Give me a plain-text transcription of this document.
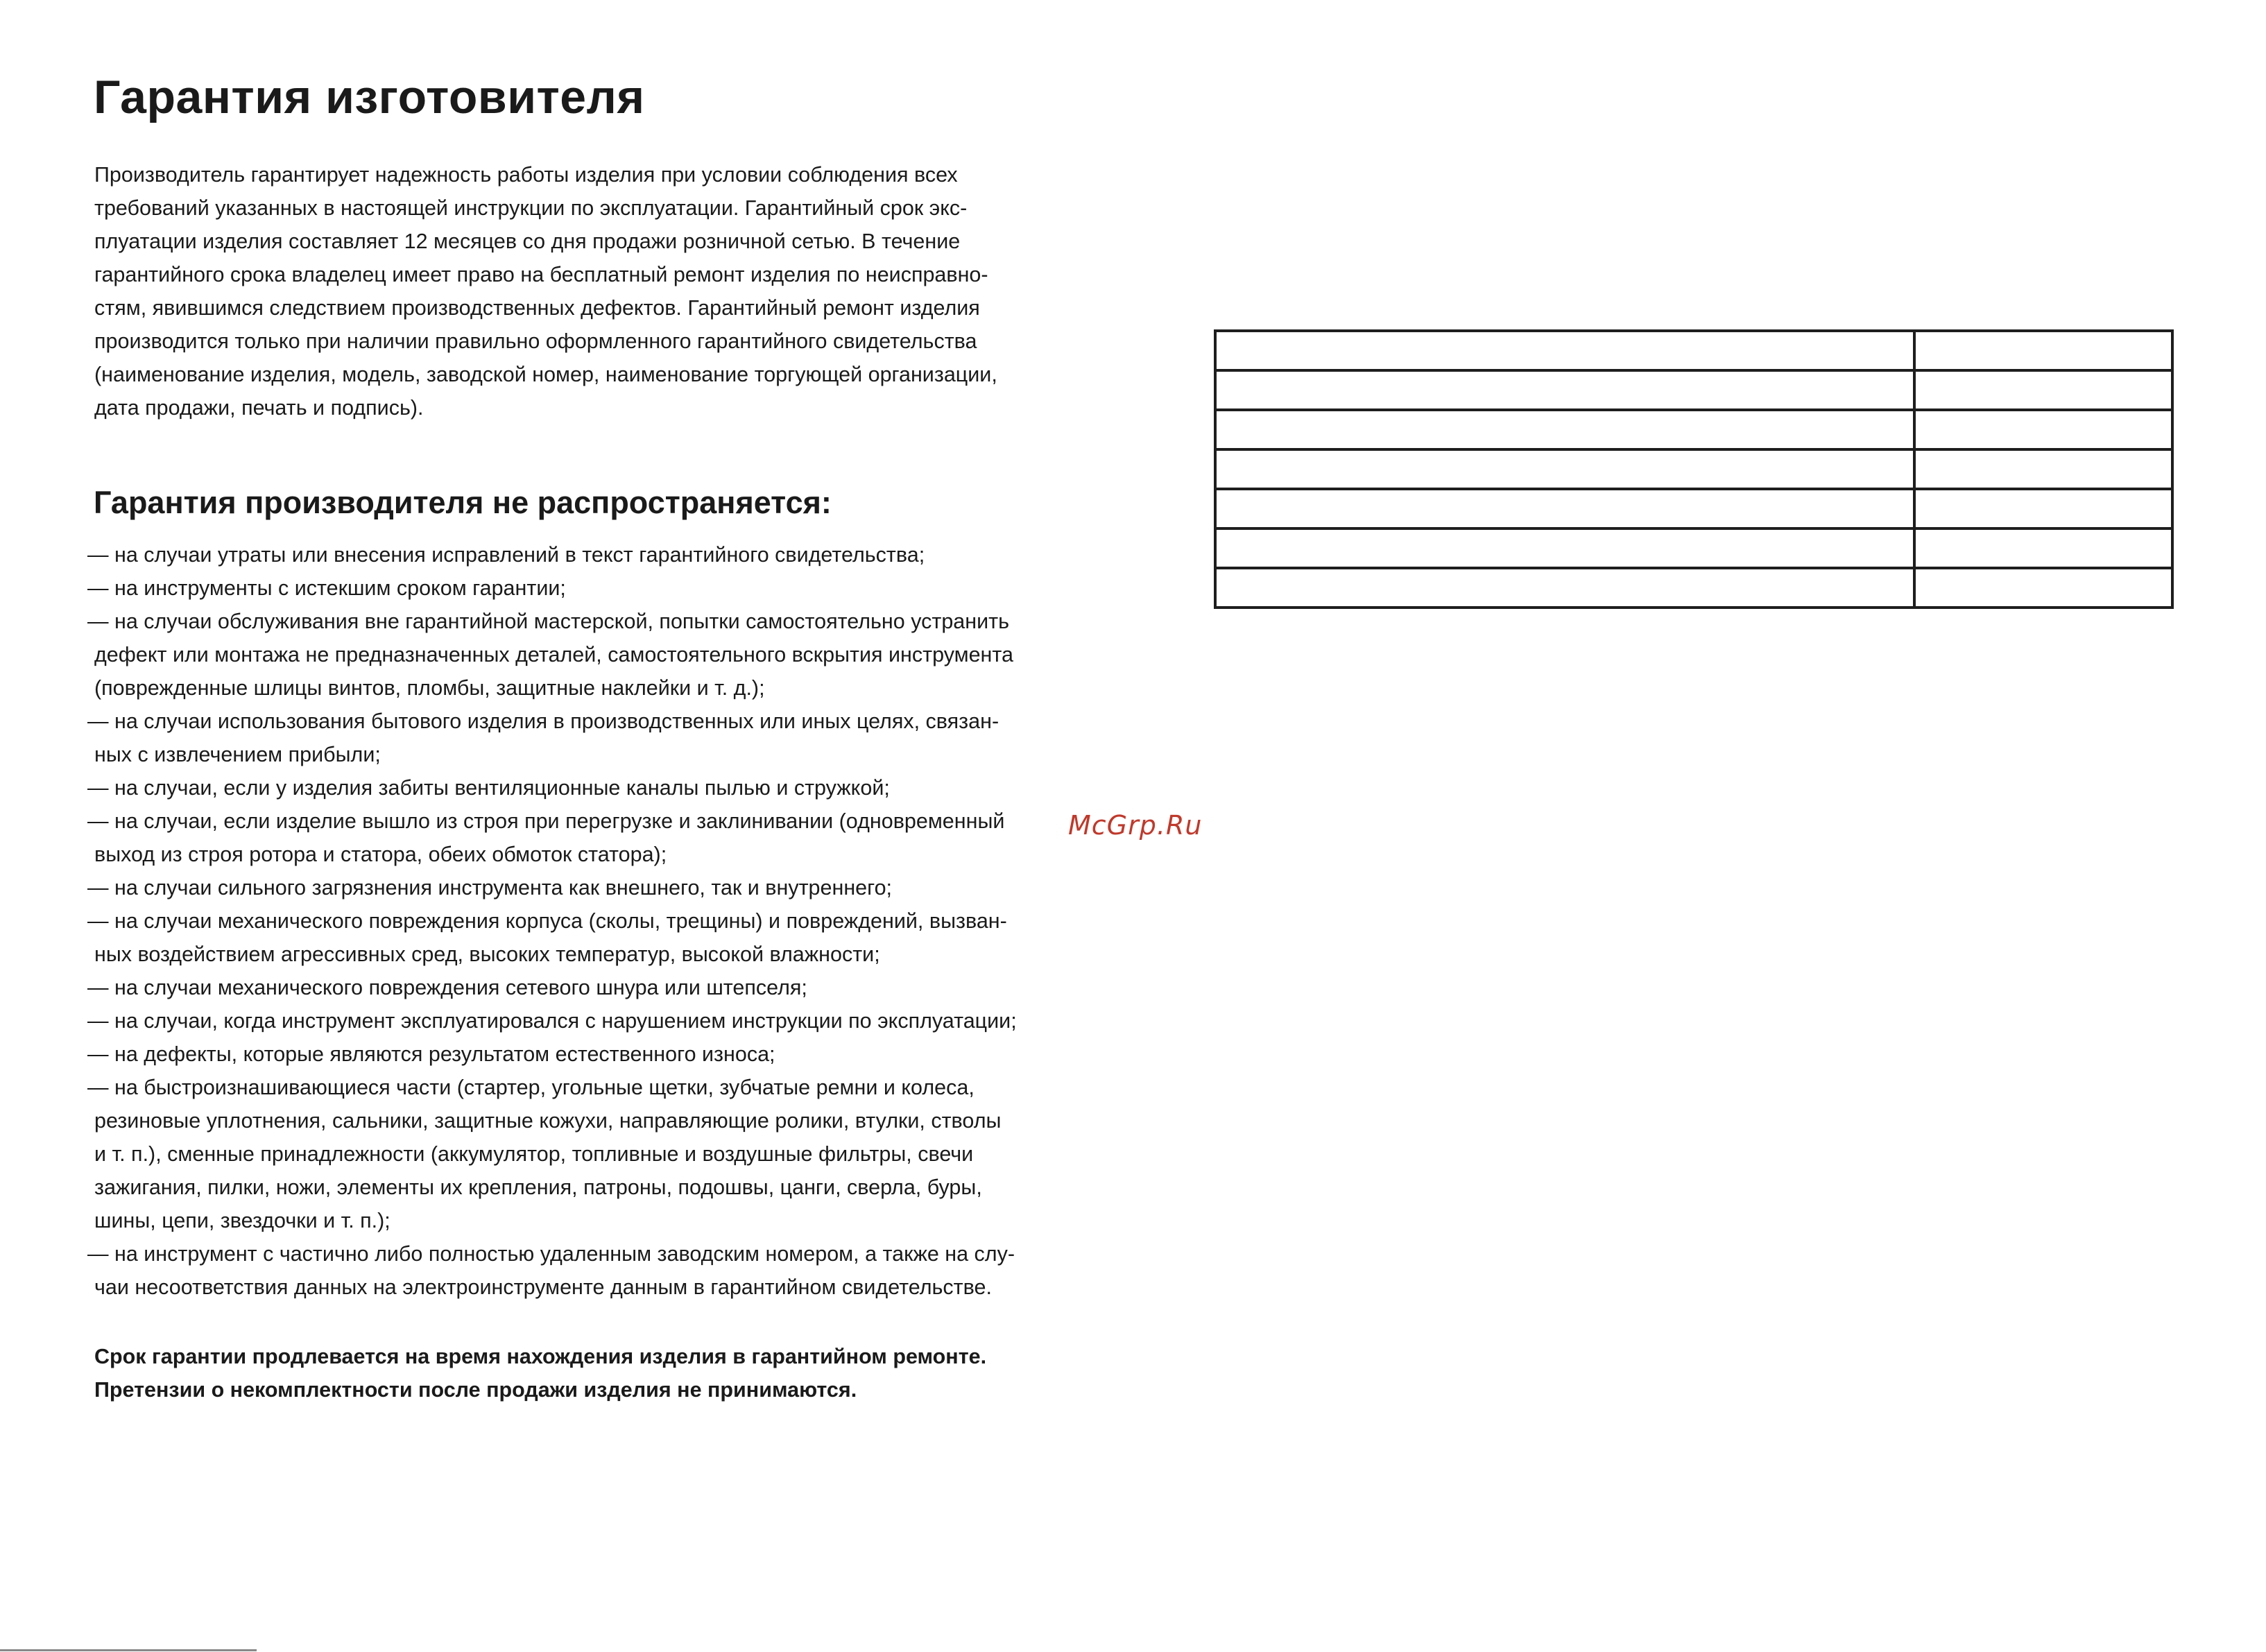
Гарантия изготовителя

Производитель гарантирует надежность работы изделия при условии соблюдения всех
требований указанных в настоящей инструкции по эксплуатации. Гарантийный срок экс-
плуатации изделия составляет 12 месяцев со дня продажи розничной сетью. В течение
гарантийного срока владелец имеет право на бесплатный ремонт изделия по неисправно-
стям, явившимся следствием производственных дефектов. Гарантийный ремонт изделия
производится только при наличии правильно оформленного гарантийного свидетельства
(наименование изделия, модель, заводской номер, наименование торгующей организации,
дата продажи, печать и подпись).

Гарантия производителя не распространяется:
— на случаи утраты или внесения исправлений в текст гарантийного свидетельства;
— на инструменты с истекшим сроком гарантии;
— на случаи обслуживания вне гарантийной мастерской, попытки самостоятельно устранить
дефект или монтажа не предназначенных деталей, самостоятельного вскрытия инструмента
(поврежденные шлицы винтов, пломбы, защитные наклейки и т. д.);
— на случаи использования бытового изделия в производственных или иных целях, связан-
ных с извлечением прибыли;
— на случаи, если у изделия забиты вентиляционные каналы пылью и стружкой;
— на случаи, если изделие вышло из строя при перегрузке и заклинивании (одновременный
выход из строя ротора и статора, обеих обмоток статора);
— на случаи сильного загрязнения инструмента как внешнего, так и внутреннего;
— на случаи механического повреждения корпуса (сколы, трещины) и повреждений, вызван-
ных воздействием агрессивных сред, высоких температур, высокой влажности;
— на случаи механического повреждения сетевого шнура или штепселя;
— на случаи, когда инструмент эксплуатировался с нарушением инструкции по эксплуатации;
— на дефекты, которые являются результатом естественного износа;
— на быстроизнашивающиеся части (стартер, угольные щетки, зубчатые ремни и колеса,
резиновые уплотнения, сальники, защитные кожухи, направляющие ролики, втулки, стволы
и т. п.), сменные принадлежности (аккумулятор, топливные и воздушные фильтры, свечи
зажигания, пилки, ножи, элементы их крепления, патроны, подошвы, цанги, сверла, буры,
шины, цепи, звездочки и т. п.);
— на инструмент с частично либо полностью удаленным заводским номером, а также на слу-
чаи несоответствия данных на электроинструменте данным в гарантийном свидетельстве.

Срок гарантии продлевается на время нахождения изделия в гарантийном ремонте.
Претензии о некомплектности после продажи изделия не принимаются.

McGrp.Ru
